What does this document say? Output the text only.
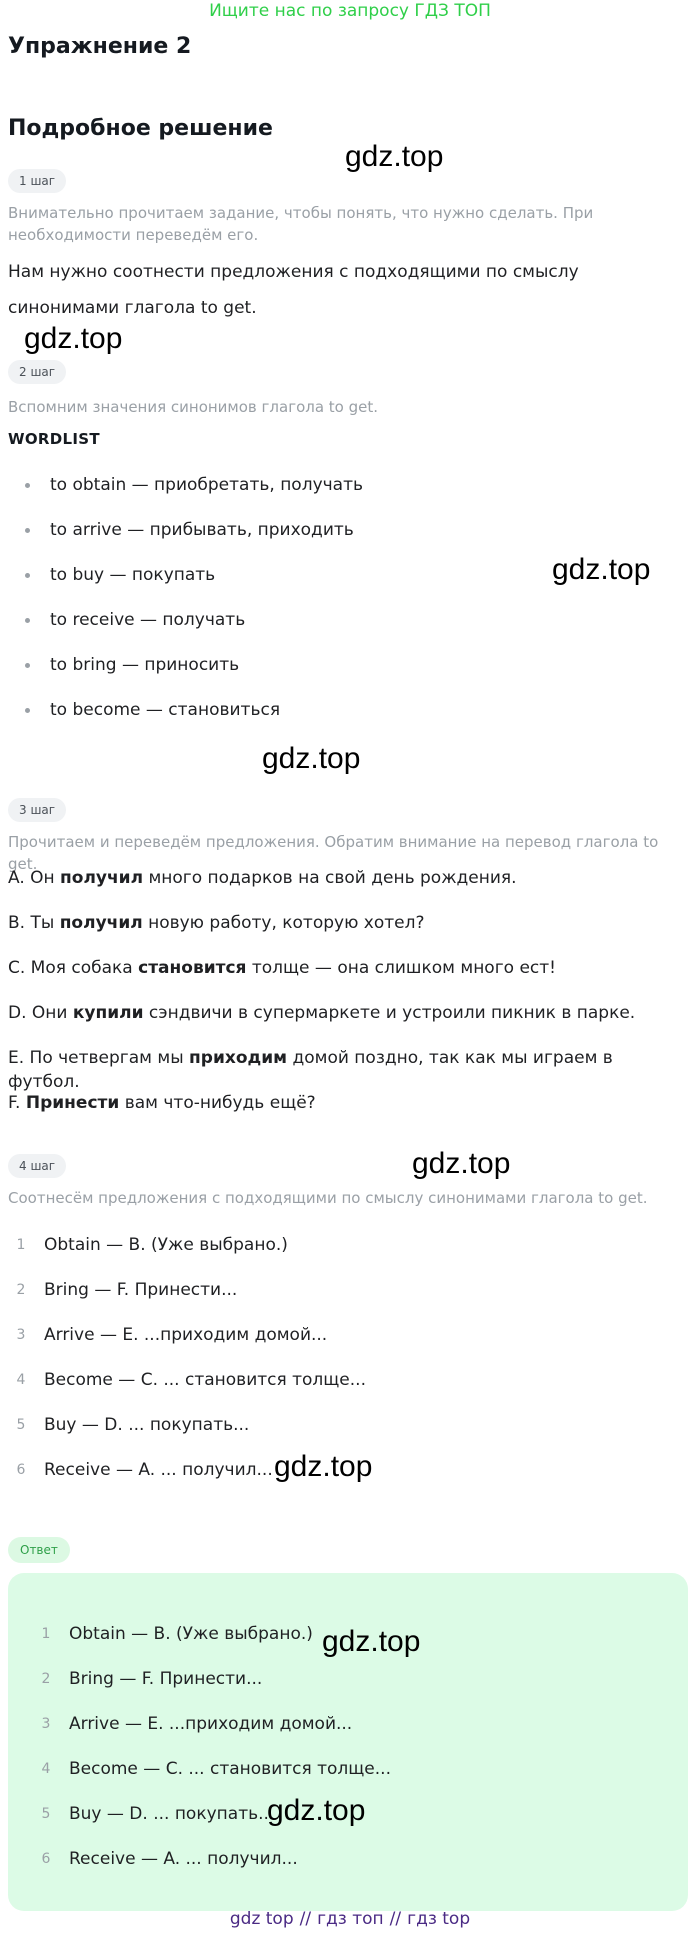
Ищите нас по запросу ГДЗ ТОП
Упражнение 2
Подробное решение
1 шаг
Внимательно прочитаем задание, чтобы понять, что нужно сделать. При необходимости переведём его.
Нам нужно соотнести предложения с подходящими по смыслу синонимами глагола to get.
2 шаг
Вспомним значения синонимов глагола to get.
WORDLIST
to obtain — приобретать, получать
to arrive — прибывать, приходить
to buy — покупать
to receive — получать
to bring — приносить
to become — становиться
3 шаг
Прочитаем и переведём предложения. Обратим внимание на перевод глагола to get.
A. Он получил много подарков на свой день рождения.
B. Ты получил новую работу, которую хотел?
C. Моя собака становится толще — она слишком много ест!
D. Они купили сэндвичи в супермаркете и устроили пикник в парке.
E. По четвергам мы приходим домой поздно, так как мы играем в футбол.
F. Принести вам что-нибудь ещё?
4 шаг
Соотнесём предложения с подходящими по смыслу синонимами глагола to get.
1	Obtain — B. (Уже выбрано.)
2	Bring — F. Принести...
3	Arrive — E. ...приходим домой...
4	Become — C. ... становится толще...
5	Buy — D. ... покупать...
6	Receive — A. ... получил...
Ответ
1	Obtain — B. (Уже выбрано.)
2	Bring — F. Принести...
3	Arrive — E. ...приходим домой...
4	Become — C. ... становится толще...
5	Buy — D. ... покупать...
6	Receive — A. ... получил...
gdz.top
gdz.top
gdz.top
gdz.top
gdz.top
gdz.top
gdz.top
gdz.top
gdz top // гдз топ // гдз top
